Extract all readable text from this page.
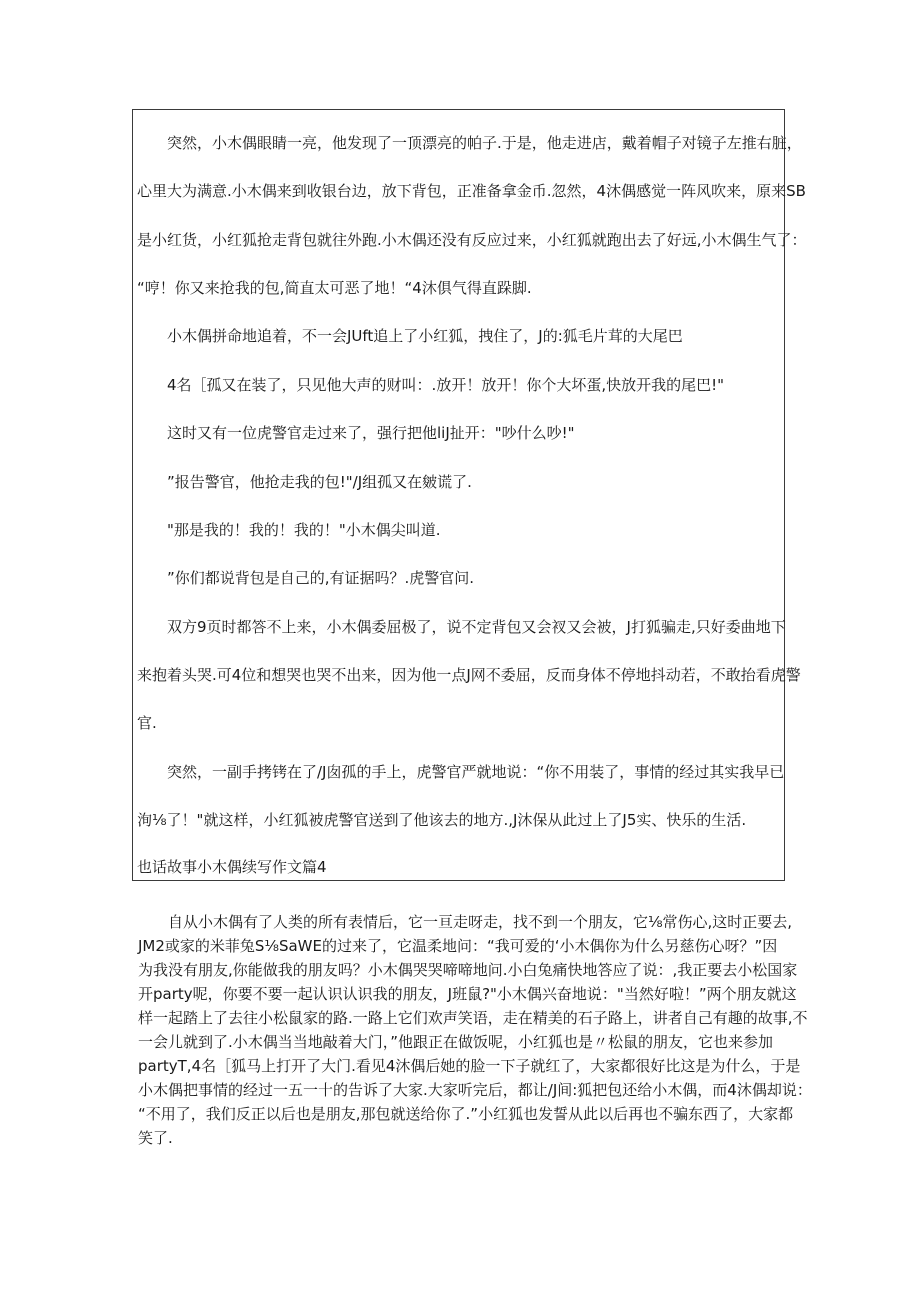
　　突然，小木偶眼睛一亮，他发现了一顶漂亮的帕子.于是，他走进店，戴着帽子对镜子左推右脏，
心里大为满意.小木偶来到收银台边，放下背包，正准备拿金币.忽然，4沐偶感觉一阵风吹来，原来SB
是小红货，小红狐抢走背包就往外跑.小木偶还没有反应过来，小红狐就跑出去了好远,小木偶生气了：
“哼！你又来抢我的包,简直太可恶了地！“4沐俱气得直跺脚.
　　小木偶拼命地追着，不一会JUft追上了小红狐，拽住了，J的:狐毛片茸的大尾巴
　　4名［孤又在装了，只见他大声的财叫：.放开！放开！你个大坏蛋,快放开我的尾巴!"
　　这时又有一位虎警官走过来了，强行把他liJ扯开："吵什么吵!"
　　”报告警官，他抢走我的包!"/J组孤又在皴谎了.
　　"那是我的！我的！我的！"小木偶尖叫道.
　　”你们都说背包是自己的,有证据吗？.虎警官问.
　　双方9页时都答不上来，小木偶委屈极了，说不定背包又会衩又会被，J打狐骗走,只好委曲地下
来抱着头哭.可4位和想哭也哭不出来，因为他一点J网不委屈，反而身体不停地抖动若，不敢抬看虎警
官.
　　突然，一副手拷铐在了/J囱孤的手上，虎警官严就地说：“你不用装了，事情的经过其实我早已
洵⅛了！"就这样，小红狐被虎警官送到了他该去的地方.,J沐保从此过上了J5实、快乐的生活.
也话故事小木偶续写作文篇4
　　自从小木偶有了人类的所有表情后，它一亘走呀走，找不到一个朋友，它⅛常伤心,这时正要去,
JM2或家的米菲兔S⅛SaWE的过来了，它温柔地问：“我可爱的‘小木偶你为什么另慈伤心呀？”因
为我没有朋友,你能做我的朋友吗？小木偶哭哭啼啼地问.小白兔痛快地答应了说：,我正要去小松国家
开party呢，你要不要一起认识认识我的朋友，J班鼠?"小木偶兴奋地说："当然好啦！”两个朋友就这
样一起踏上了去往小松鼠家的路.一路上它们欢声笑语，走在精美的石子路上，讲者自己有趣的故事,不
一会儿就到了.小木偶当当地敲着大门，”他跟正在做饭呢，小红狐也是〃松鼠的朋友，它也来参加
partyT,4名［狐马上打开了大门.看见4沐偶后她的脸一下子就红了，大家都很好比这是为什么，于是
小木偶把事情的经过一五一十的告诉了大家.大家听完后，都让/J间:狐把包还给小木偶，而4沐偶却说：
“不用了，我们反正以后也是朋友,那包就送给你了.”小红狐也发誓从此以后再也不骗东西了，大家都
笑了.
